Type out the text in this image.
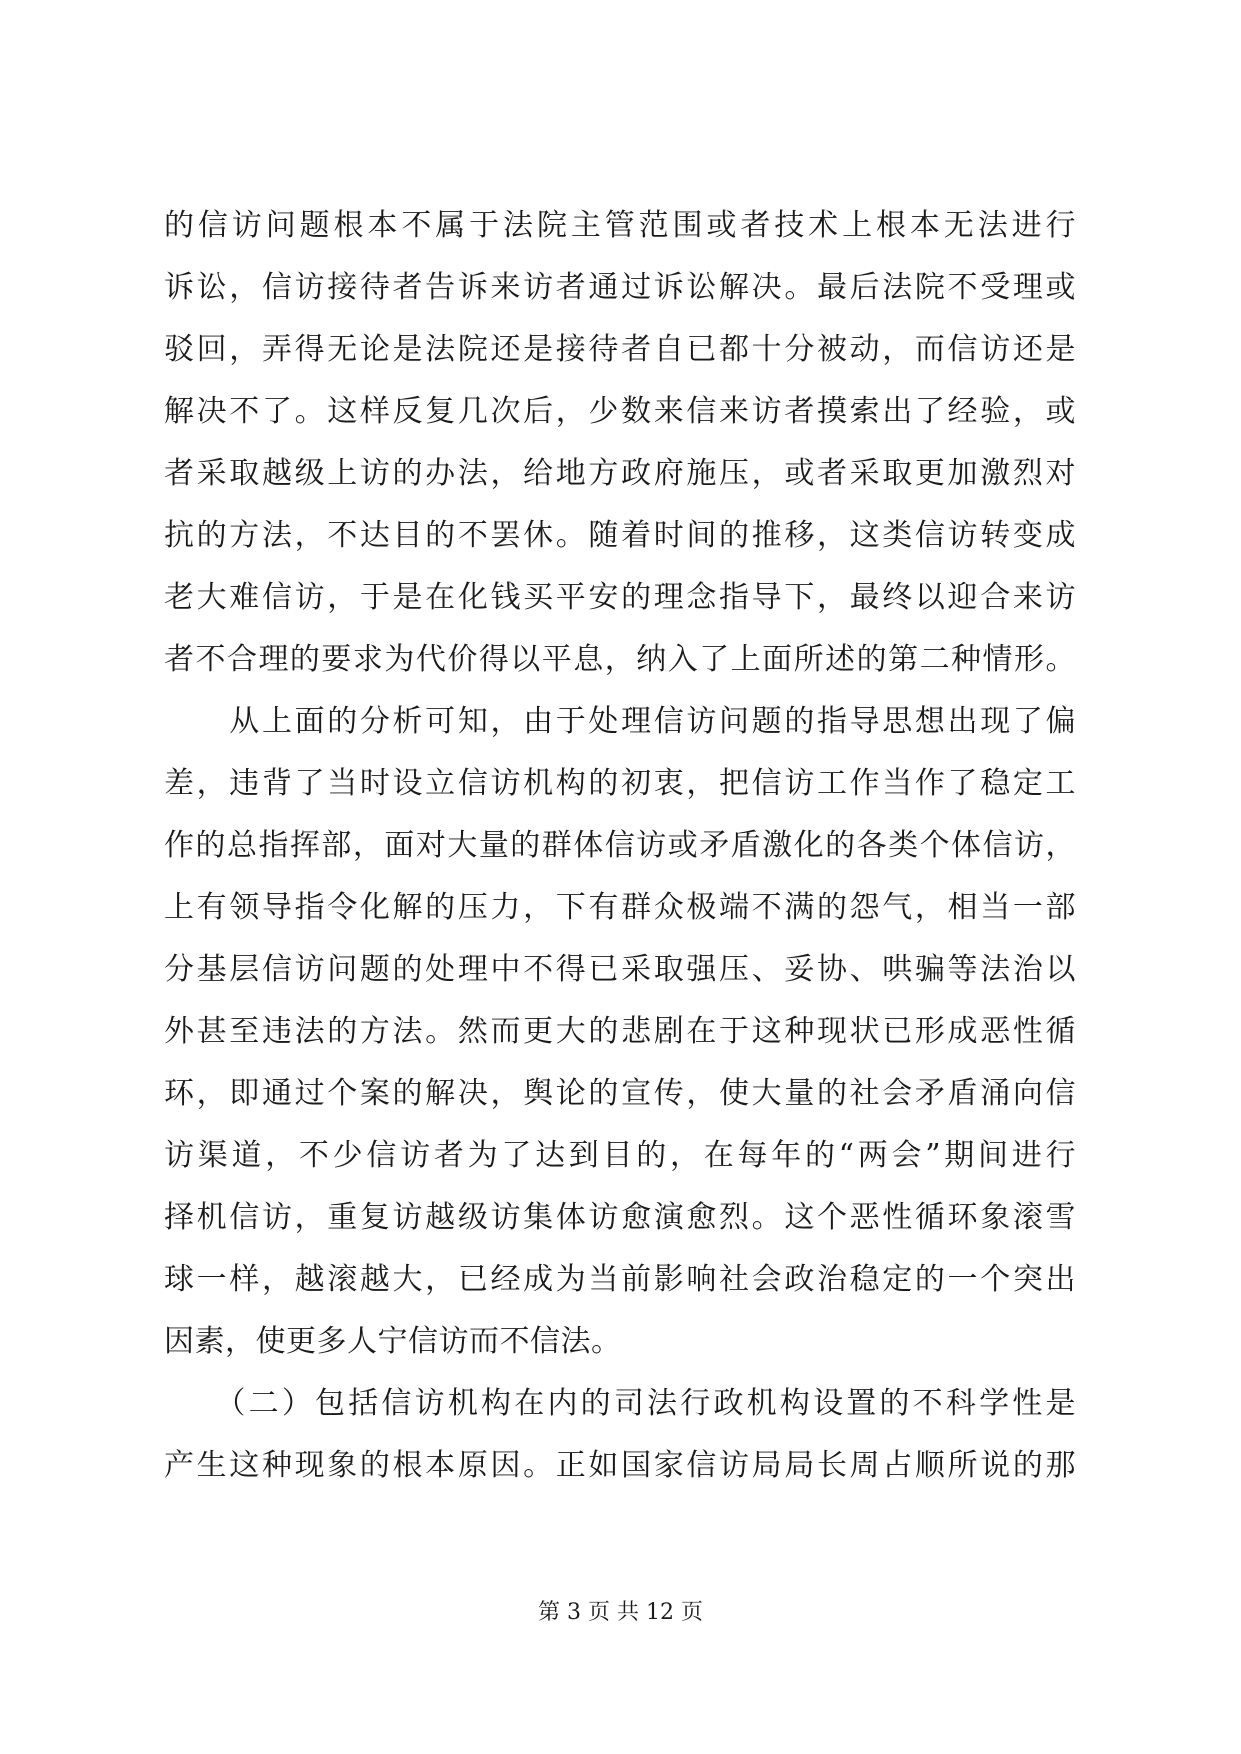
的信访问题根本不属于法院主管范围或者技术上根本无法进行
诉讼，信访接待者告诉来访者通过诉讼解决。最后法院不受理或
驳回，弄得无论是法院还是接待者自已都十分被动，而信访还是
解决不了。这样反复几次后，少数来信来访者摸索出了经验，或
者采取越级上访的办法，给地方政府施压，或者采取更加激烈对
抗的方法，不达目的不罢休。随着时间的推移，这类信访转变成
老大难信访，于是在化钱买平安的理念指导下，最终以迎合来访
者不合理的要求为代价得以平息，纳入了上面所述的第二种情形。
　　从上面的分析可知，由于处理信访问题的指导思想出现了偏
差，违背了当时设立信访机构的初衷，把信访工作当作了稳定工
作的总指挥部，面对大量的群体信访或矛盾激化的各类个体信访，
上有领导指令化解的压力，下有群众极端不满的怨气，相当一部
分基层信访问题的处理中不得已采取强压、妥协、哄骗等法治以
外甚至违法的方法。然而更大的悲剧在于这种现状已形成恶性循
环，即通过个案的解决，舆论的宣传，使大量的社会矛盾涌向信
访渠道，不少信访者为了达到目的，在每年的“两会”期间进行
择机信访，重复访越级访集体访愈演愈烈。这个恶性循环象滚雪
球一样，越滚越大，已经成为当前影响社会政治稳定的一个突出
因素，使更多人宁信访而不信法。
　　（二）包括信访机构在内的司法行政机构设置的不科学性是
产生这种现象的根本原因。正如国家信访局局长周占顺所说的那
第 3 页 共 12 页
